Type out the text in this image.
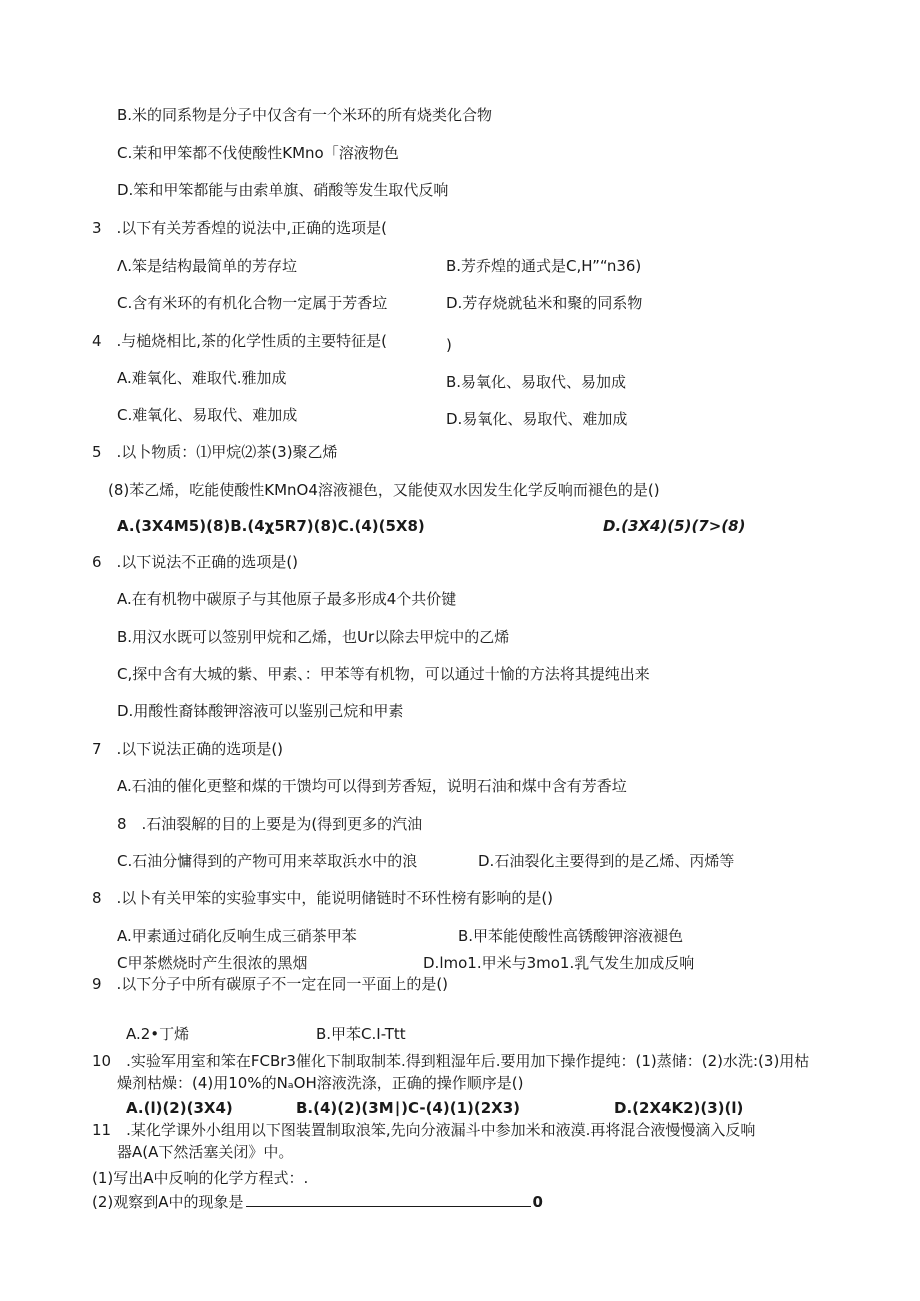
B.米的同系物是分子中仅含有一个米环的所有烧类化合物
C.茉和甲笨都不伐使酸性KMno「溶液物色
D.笨和甲笨都能与由索单旗、硝酸等发生取代反响
3　.以下有关芳香煌的说法中,正确的选项是(
Λ.笨是结构最简单的芳存垃	B.芳乔煌的通式是C,H”“n36)
C.含有米环的有机化合物一定属于芳香垃	D.芳存烧就毡米和聚的同系物
4　.与槌烧相比,茶的化学性质的主要特征是(	)
A.难氧化、难取代.雅加成	B.易氧化、易取代、易加成
C.难氧化、易取代、难加成	D.易氧化、易取代、难加成
5　.以卜物质：⑴甲烷⑵茶(3)聚乙烯
(8)苯乙烯，吃能使酸性KMnO4溶液褪色，又能使双水因发生化学反响而褪色的是()
A.(3X4M5)(8)B.(4χ5R7)(8)C.(4)(5X8)	D.(3X4)(5)(7>(8)
6　.以下说法不正确的选项是()
A.在有机物中碳原子与其他原子最多形成4个共价键
B.用汉水既可以签别甲烷和乙烯，也Ur以除去甲烷中的乙烯
C,探中含有大城的紫、甲素、：甲苯等有机物，可以通过十愉的方法将其提纯出来
D.用酸性裔钵酸钾溶液可以鉴别己烷和甲素
7　.以下说法正确的选项是()
A.石油的催化更整和煤的干馈均可以得到芳香短，说明石油和煤中含有芳香垃
8　.石油裂解的目的上要是为(得到更多的汽油
C.石油分慵得到的产物可用来萃取浜水中的浪	D.石油裂化主要得到的是乙烯、丙烯等
8　.以卜有关甲笨的实验事实中，能说明储链时不环性榜有影响的是()
A.甲素通过硝化反响生成三硝茶甲苯	B.甲苯能使酸性高锈酸钾溶液褪色
C甲茶燃烧时产生很浓的黑烟	D.lmo1.甲米与3mo1.乳气发生加成反响
9　.以下分子中所有碳原子不一定在同一平面上的是()
A.2•丁烯	B.甲苯C.I-Ttt
10　.实验军用室和笨在FCBr3催化下制取制苯.得到粗湿年后.要用加下操作提纯：(1)蒸储：(2)水洗:(3)用枯
燥剂枯燥：(4)用10%的NₐOH溶液洗涤，正确的操作顺序是()
A.(l)(2)(3X4)	B.(4)(2)(3M∣)C-(4)(1)(2X3)	D.(2X4K2)(3)(l)
11　.某化学课外小组用以下图装置制取浪笨,先向分液漏斗中参加米和液漠.再将混合液慢慢滴入反响
器A(A下然活塞关闭》中。
(1)写出A中反响的化学方程式：.
(2)观察到A中的现象是	0
